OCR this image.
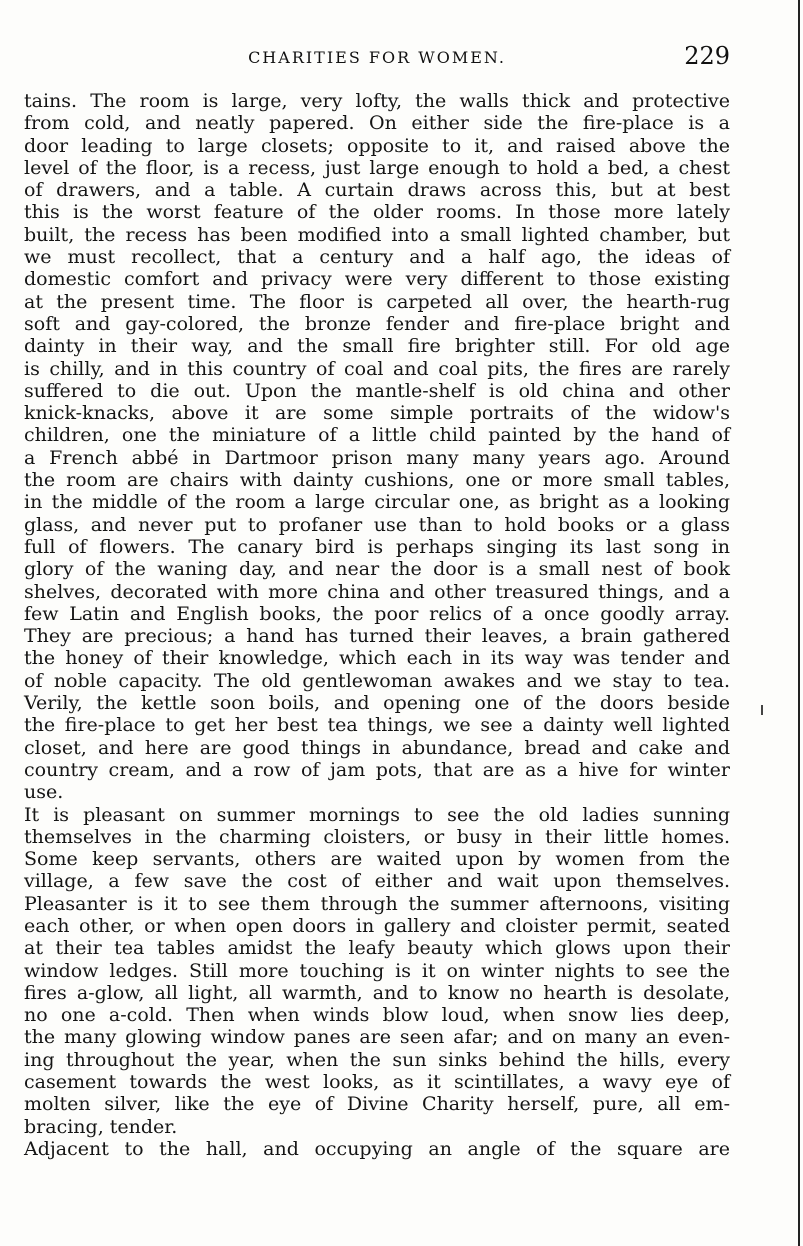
CHARITIES FOR WOMEN.	229
tains. The room is large, very lofty, the walls thick and protective
from cold, and neatly papered. On either side the fire-place is a
door leading to large closets; opposite to it, and raised above the
level of the floor, is a recess, just large enough to hold a bed, a chest
of drawers, and a table. A curtain draws across this, but at best
this is the worst feature of the older rooms. In those more lately
built, the recess has been modified into a small lighted chamber, but
we must recollect, that a century and a half ago, the ideas of
domestic comfort and privacy were very different to those existing
at the present time. The floor is carpeted all over, the hearth-rug
soft and gay-colored, the bronze fender and fire-place bright and
dainty in their way, and the small fire brighter still. For old age
is chilly, and in this country of coal and coal pits, the fires are rarely
suffered to die out. Upon the mantle-shelf is old china and other
knick-knacks, above it are some simple portraits of the widow's
children, one the miniature of a little child painted by the hand of
a French abbé in Dartmoor prison many many years ago. Around
the room are chairs with dainty cushions, one or more small tables,
in the middle of the room a large circular one, as bright as a looking
glass, and never put to profaner use than to hold books or a glass
full of flowers. The canary bird is perhaps singing its last song in
glory of the waning day, and near the door is a small nest of book
shelves, decorated with more china and other treasured things, and a
few Latin and English books, the poor relics of a once goodly array.
They are precious; a hand has turned their leaves, a brain gathered
the honey of their knowledge, which each in its way was tender and
of noble capacity. The old gentlewoman awakes and we stay to tea.
Verily, the kettle soon boils, and opening one of the doors beside
the fire-place to get her best tea things, we see a dainty well lighted
closet, and here are good things in abundance, bread and cake and
country cream, and a row of jam pots, that are as a hive for winter
use.
It is pleasant on summer mornings to see the old ladies sunning
themselves in the charming cloisters, or busy in their little homes.
Some keep servants, others are waited upon by women from the
village, a few save the cost of either and wait upon themselves.
Pleasanter is it to see them through the summer afternoons, visiting
each other, or when open doors in gallery and cloister permit, seated
at their tea tables amidst the leafy beauty which glows upon their
window ledges. Still more touching is it on winter nights to see the
fires a-glow, all light, all warmth, and to know no hearth is desolate,
no one a-cold. Then when winds blow loud, when snow lies deep,
the many glowing window panes are seen afar; and on many an even-
ing throughout the year, when the sun sinks behind the hills, every
casement towards the west looks, as it scintillates, a wavy eye of
molten silver, like the eye of Divine Charity herself, pure, all em-
bracing, tender.
Adjacent to the hall, and occupying an angle of the square are
